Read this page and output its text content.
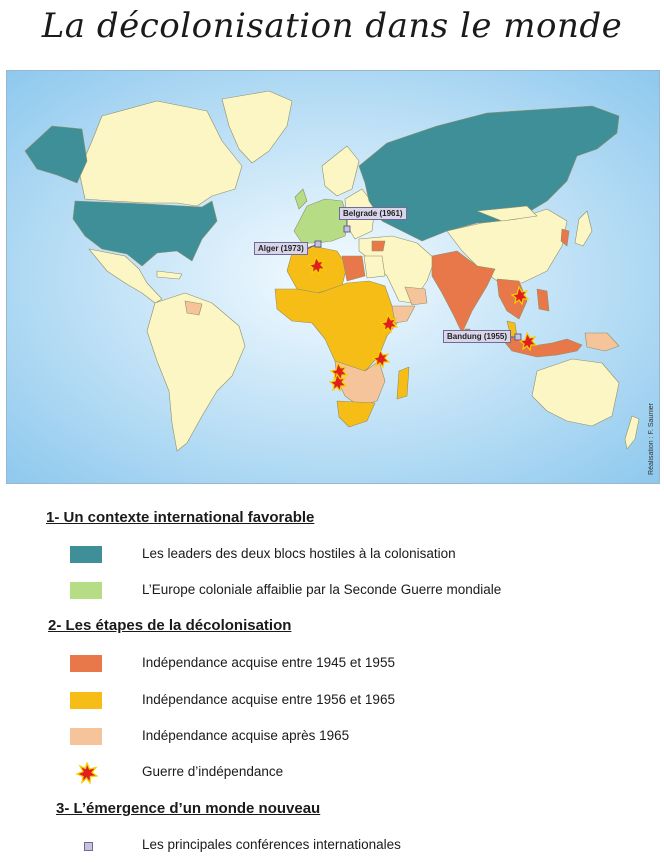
La décolonisation dans le monde
Belgrade (1961)
Alger (1973)
Bandung (1955)
Réalisation : F. Saunier
1- Un contexte international favorable
Les leaders des deux blocs hostiles à la colonisation
L’Europe coloniale affaiblie par la Seconde Guerre mondiale
2- Les étapes de la décolonisation
Indépendance acquise entre 1945 et 1955
Indépendance acquise entre 1956 et 1965
Indépendance acquise après 1965
Guerre d’indépendance
3- L’émergence d’un monde nouveau
Les principales conférences internationales
